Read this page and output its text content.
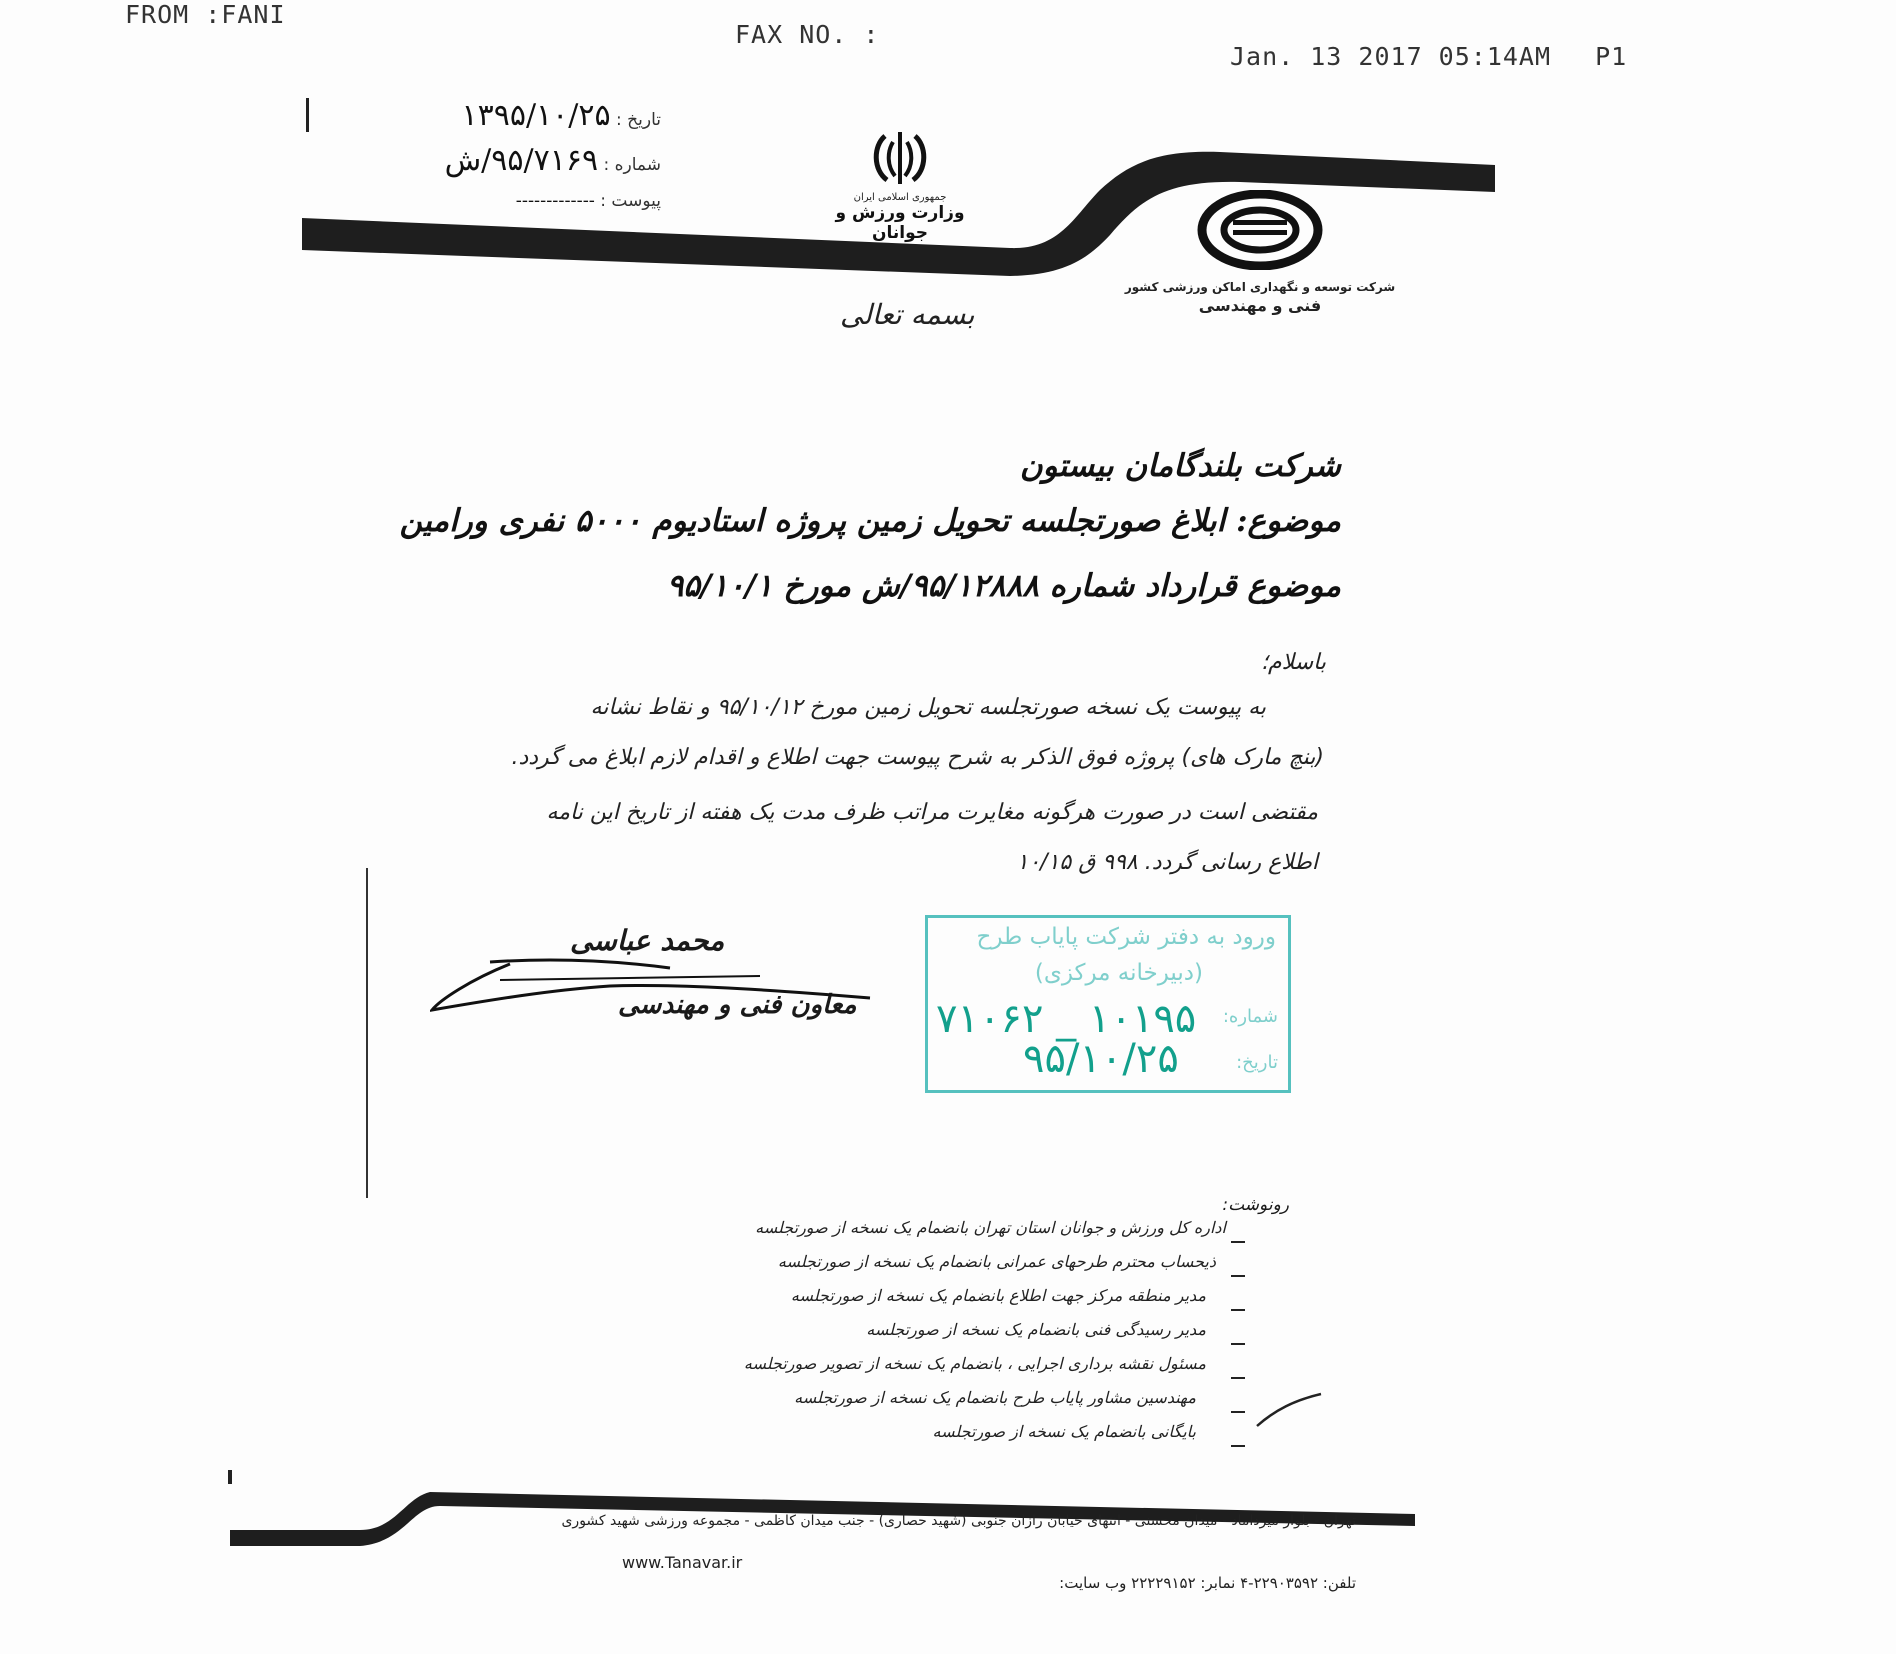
FROM :FANI
FAX NO. :
Jan. 13 2017 05:14AM P1
تاریخ : ۱۳۹۵/۱۰/۲۵
شماره : ۹۵/۷۱۶۹/ش
پیوست : -------------	جمهوری اسلامی ایران
وزارت ورزش و جوانان
شرکت توسعه و نگهداری اماکن ورزشی کشور
فنی و مهندسی
بسمه تعالی
شرکت بلندگامان بیستون
موضوع: ابلاغ صورتجلسه تحویل زمین پروژه استادیوم ۵۰۰۰ نفری ورامین
موضوع قرارداد شماره ۹۵/۱۲۸۸۸/ش مورخ ۹۵/۱۰/۱
باسلام؛
به پیوست یک نسخه صورتجلسه تحویل زمین مورخ ۹۵/۱۰/۱۲ و نقاط نشانه
(بنچ مارک های) پروژه فوق الذکر به شرح پیوست جهت اطلاع و اقدام لازم ابلاغ می گردد.
مقتضی است در صورت هرگونه مغایرت مراتب ظرف مدت یک هفته از تاریخ این نامه
اطلاع رسانی گردد. ۹۹۸ ق ۱۰/۱۵
محمد عباسی
معاون فنی و مهندسی
ورود به دفتر شرکت پایاب طرح
(دبیرخانه مرکزی)
شماره:
۱۰۱۹۵ _ ۷۱۰۶۲
تاریخ:
۹۵/۱۰/۲۵
رونوشت:
اداره کل ورزش و جوانان استان تهران بانضمام یک نسخه از صورتجلسه
ذیحساب محترم طرحهای عمرانی بانضمام یک نسخه از صورتجلسه
مدیر منطقه مرکز جهت اطلاع بانضمام یک نسخه از صورتجلسه
مدیر رسیدگی فنی بانضمام یک نسخه از صورتجلسه
مسئول نقشه برداری اجرایی ، بانضمام یک نسخه از تصویر صورتجلسه
مهندسین مشاور پایاب طرح بانضمام یک نسخه از صورتجلسه
بایگانی بانضمام یک نسخه از صورتجلسه
تهران - بلوار میرداماد - میدان محسنی - انتهای خیابان رازان جنوبی (شهید حصاری) - جنب میدان کاظمی - مجموعه ورزشی شهید کشوری
تلفن: ۲۲۹۰۳۵۹۲-۴ نمابر: ۲۲۲۲۹۱۵۲ وب سایت:
www.Tanavar.ir
